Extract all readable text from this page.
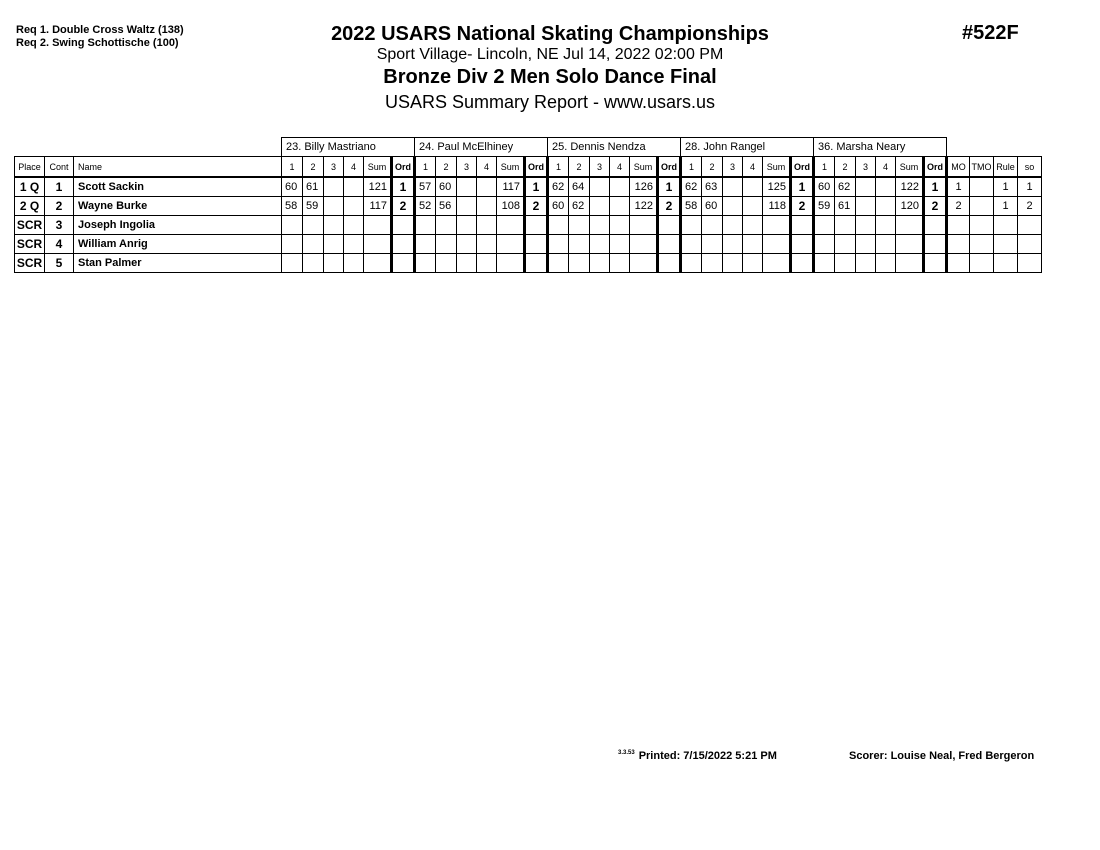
Req 1. Double Cross Waltz (138)
Req 2. Swing Schottische (100)	2022 USARS National Skating Championships
Sport Village- Lincoln, NE Jul 14, 2022 02:00 PM
Bronze Div 2 Men Solo Dance Final
USARS Summary Report - www.usars.us
#522F
			23. Billy Mastriano						24. Paul McElhiney						25. Dennis Nendza						28. John Rangel						36. Marsha Neary									
Place	Cont	Name	1	2	3	4	Sum	Ord	1	2	3	4	Sum	Ord	1	2	3	4	Sum	Ord	1	2	3	4	Sum	Ord	1	2	3	4	Sum	Ord	MO	TMO	Rule	so
1 Q	1	Scott Sackin	60	61			121	1	57	60			117	1	62	64			126	1	62	63			125	1	60	62			122	1	1		1	1
2 Q	2	Wayne Burke	58	59			117	2	52	56			108	2	60	62			122	2	58	60			118	2	59	61			120	2	2		1	2
SCR	3	Joseph Ingolia																																		
SCR	4	William Anrig																																		
SCR	5	Stan Palmer																																		
$^{3.3.53}$ Printed: 7/15/2022 5:21 PM	Scorer: Louise Neal, Fred Bergeron
